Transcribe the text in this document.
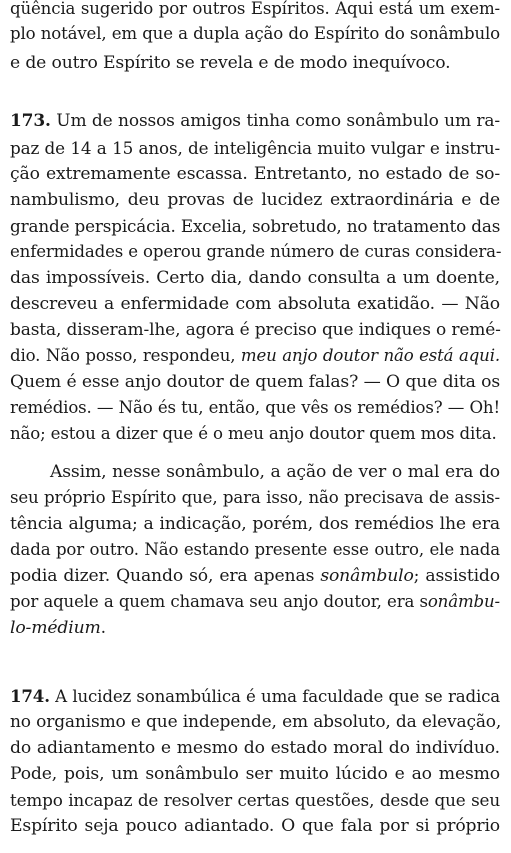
qüência sugerido por outros Espíritos. Aqui está um exem-
plo notável, em que a dupla ação do Espírito do sonâmbulo
e de outro Espírito se revela e de modo inequívoco.
173. Um de nossos amigos tinha como sonâmbulo um ra-
paz de 14 a 15 anos, de inteligência muito vulgar e instru-
ção extremamente escassa. Entretanto, no estado de so-
nambulismo, deu provas de lucidez extraordinária e de
grande perspicácia. Excelia, sobretudo, no tratamento das
enfermidades e operou grande número de curas considera-
das impossíveis. Certo dia, dando consulta a um doente,
descreveu a enfermidade com absoluta exatidão. — Não
basta, disseram-lhe, agora é preciso que indiques o remé-
dio. Não posso, respondeu, meu anjo doutor não está aqui.
Quem é esse anjo doutor de quem falas? — O que dita os
remédios. — Não és tu, então, que vês os remédios? — Oh!
não; estou a dizer que é o meu anjo doutor quem mos dita.
Assim, nesse sonâmbulo, a ação de ver o mal era do
seu próprio Espírito que, para isso, não precisava de assis-
tência alguma; a indicação, porém, dos remédios lhe era
dada por outro. Não estando presente esse outro, ele nada
podia dizer. Quando só, era apenas sonâmbulo; assistido
por aquele a quem chamava seu anjo doutor, era sonâmbu-
lo-médium.
174. A lucidez sonambúlica é uma faculdade que se radica
no organismo e que independe, em absoluto, da elevação,
do adiantamento e mesmo do estado moral do indivíduo.
Pode, pois, um sonâmbulo ser muito lúcido e ao mesmo
tempo incapaz de resolver certas questões, desde que seu
Espírito seja pouco adiantado. O que fala por si próprio
